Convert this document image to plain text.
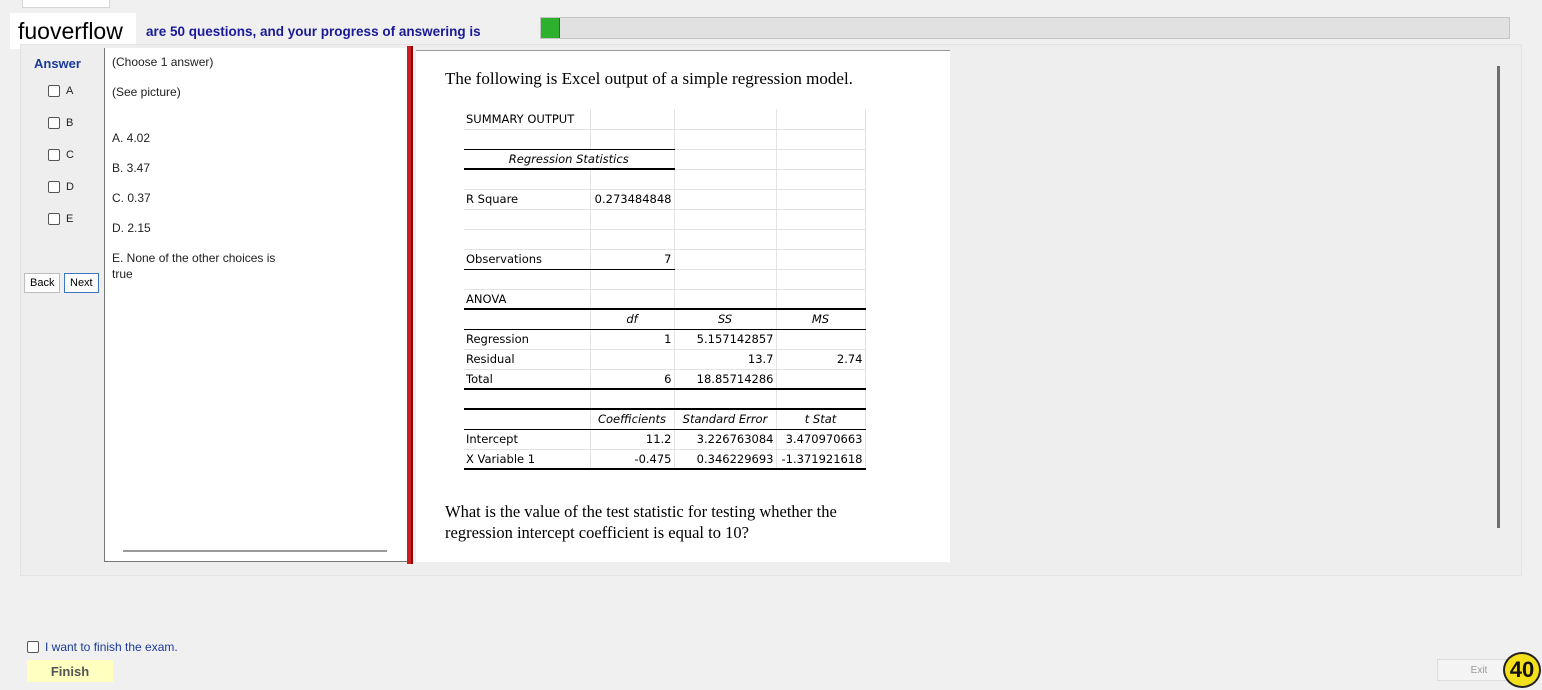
fuoverflow	are 50 questions, and your progress of answering is
Answer
A
B
C
D
E
Back	Next
(Choose 1 answer)
(See picture)
A. 4.02
B. 3.47
C. 0.37
D. 2.15
E. None of the other choices is true
The following is Excel output of a simple regression model.
SUMMARY OUTPUT			

Regression Statistics			

R Square	0.273484848		

Observations	7		

ANOVA			
	df	SS	MS
Regression	1	5.157142857	
Residual		13.7	2.74
Total	6	18.85714286	

	Coefficients	Standard Error	t Stat
Intercept	11.2	3.226763084	3.470970663
X Variable 1	-0.475	0.346229693	-1.371921618
What is the value of the test statistic for testing whether the regression intercept coefficient is equal to 10?
I want to finish the exam.
Finish	Exit	40
